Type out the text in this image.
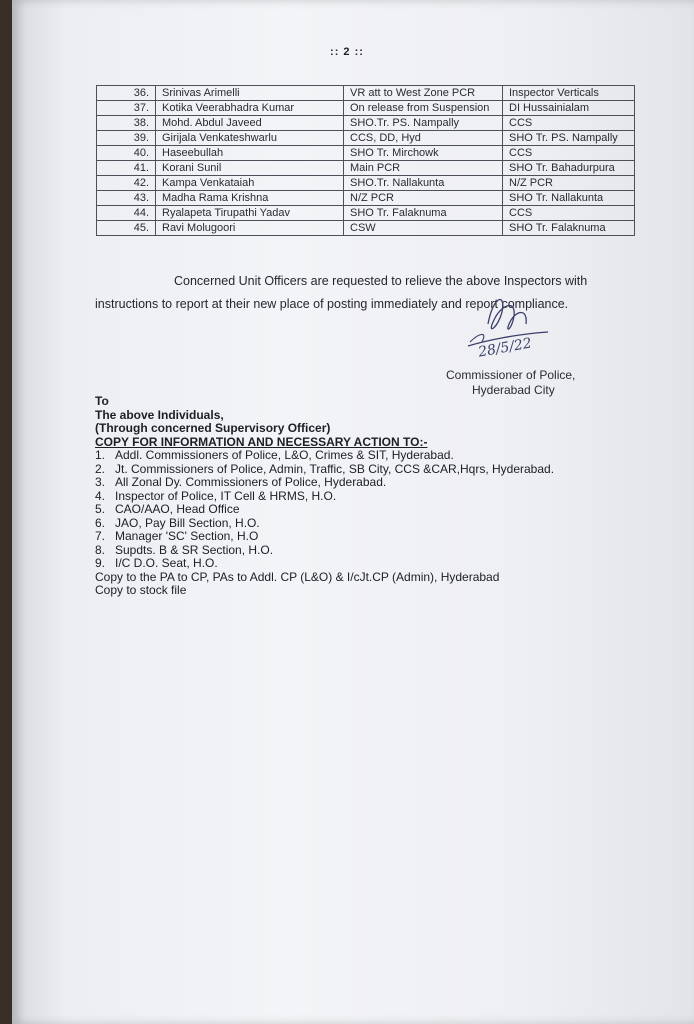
:: 2 ::
36.	Srinivas Arimelli	VR att to West Zone PCR	Inspector Verticals
37.	Kotika Veerabhadra Kumar	On release from Suspension	DI Hussainialam
38.	Mohd. Abdul Javeed	SHO.Tr. PS. Nampally	CCS
39.	Girijala Venkateshwarlu	CCS, DD, Hyd	SHO Tr. PS. Nampally
40.	Haseebullah	SHO Tr. Mirchowk	CCS
41.	Korani Sunil	Main PCR	SHO Tr. Bahadurpura
42.	Kampa Venkataiah	SHO.Tr. Nallakunta	N/Z PCR
43.	Madha Rama Krishna	N/Z PCR	SHO Tr. Nallakunta
44.	Ryalapeta Tirupathi Yadav	SHO Tr. Falaknuma	CCS
45.	Ravi Molugoori	CSW	SHO Tr. Falaknuma
Concerned Unit Officers are requested to relieve the above Inspectors with
instructions to report at their new place of posting immediately and report compliance.
28/5/22
Commissioner of Police,
Hyderabad City
To
The above Individuals,
(Through concerned Supervisory Officer)
COPY FOR INFORMATION AND NECESSARY ACTION TO:-
1. Addl. Commissioners of Police, L&O, Crimes & SIT, Hyderabad.
2. Jt. Commissioners of Police, Admin, Traffic, SB City, CCS &CAR,Hqrs, Hyderabad.
3. All Zonal Dy. Commissioners of Police, Hyderabad.
4. Inspector of Police, IT Cell & HRMS, H.O.
5. CAO/AAO, Head Office
6. JAO, Pay Bill Section, H.O.
7. Manager 'SC' Section, H.O
8. Supdts. B & SR Section, H.O.
9. I/C D.O. Seat, H.O.
Copy to the PA to CP, PAs to Addl. CP (L&O) & I/cJt.CP (Admin), Hyderabad
Copy to stock file
